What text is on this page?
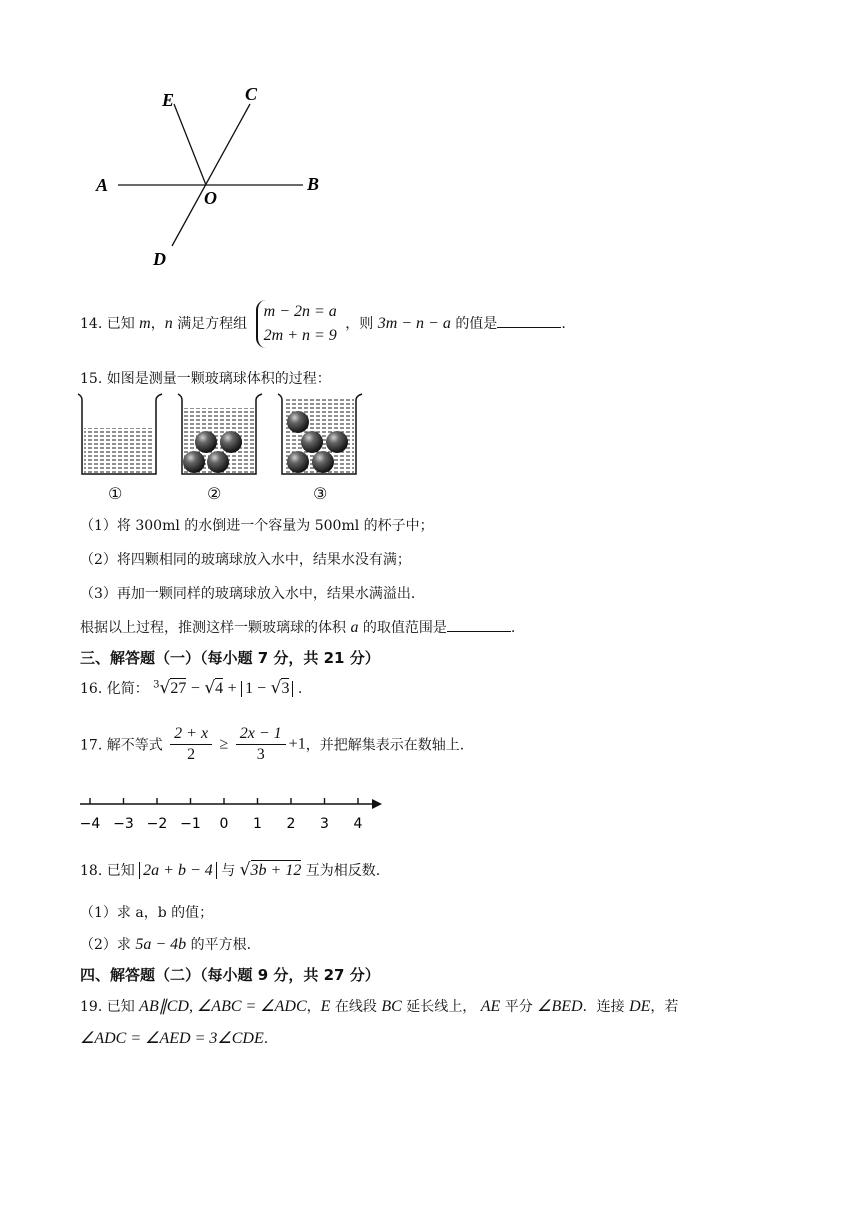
E	C
A
O
B
D
14. 已知 m，n 满足方程组
m − 2n = a
2m + n = 9
，则 3m − n − a 的值是	.
15. 如图是测量一颗玻璃球体积的过程：
①	②	③
（1）将 300ml 的水倒进一个容量为 500ml 的杯子中；
（2）将四颗相同的玻璃球放入水中，结果水没有满；
（3）再加一颗同样的玻璃球放入水中，结果水满溢出．
根据以上过程，推测这样一颗玻璃球的体积 a 的取值范围是	.
三、解答题（一）（每小题 7 分，共 21 分）
16. 化简： $^3$√27 − √4 + 1 − √3 .
17. 解不等式 $\frac{2 + x}{2} \ge \frac{2x - 1}{3} +1$，并把解集表示在数轴上.
−4 −3 −2 −1 0 1 2 3 4
18. 已知 2a + b − 4 与 √3b + 12 互为相反数.
（1）求 a，b 的值；
（2）求 5a − 4b 的平方根.
四、解答题（二）（每小题 9 分，共 27 分）
19. 已知 AB∥CD, ∠ABC = ∠ADC，E 在线段 BC 延长线上， AE 平分 ∠BED．连接 DE，若
∠ADC = ∠AED = 3∠CDE.
